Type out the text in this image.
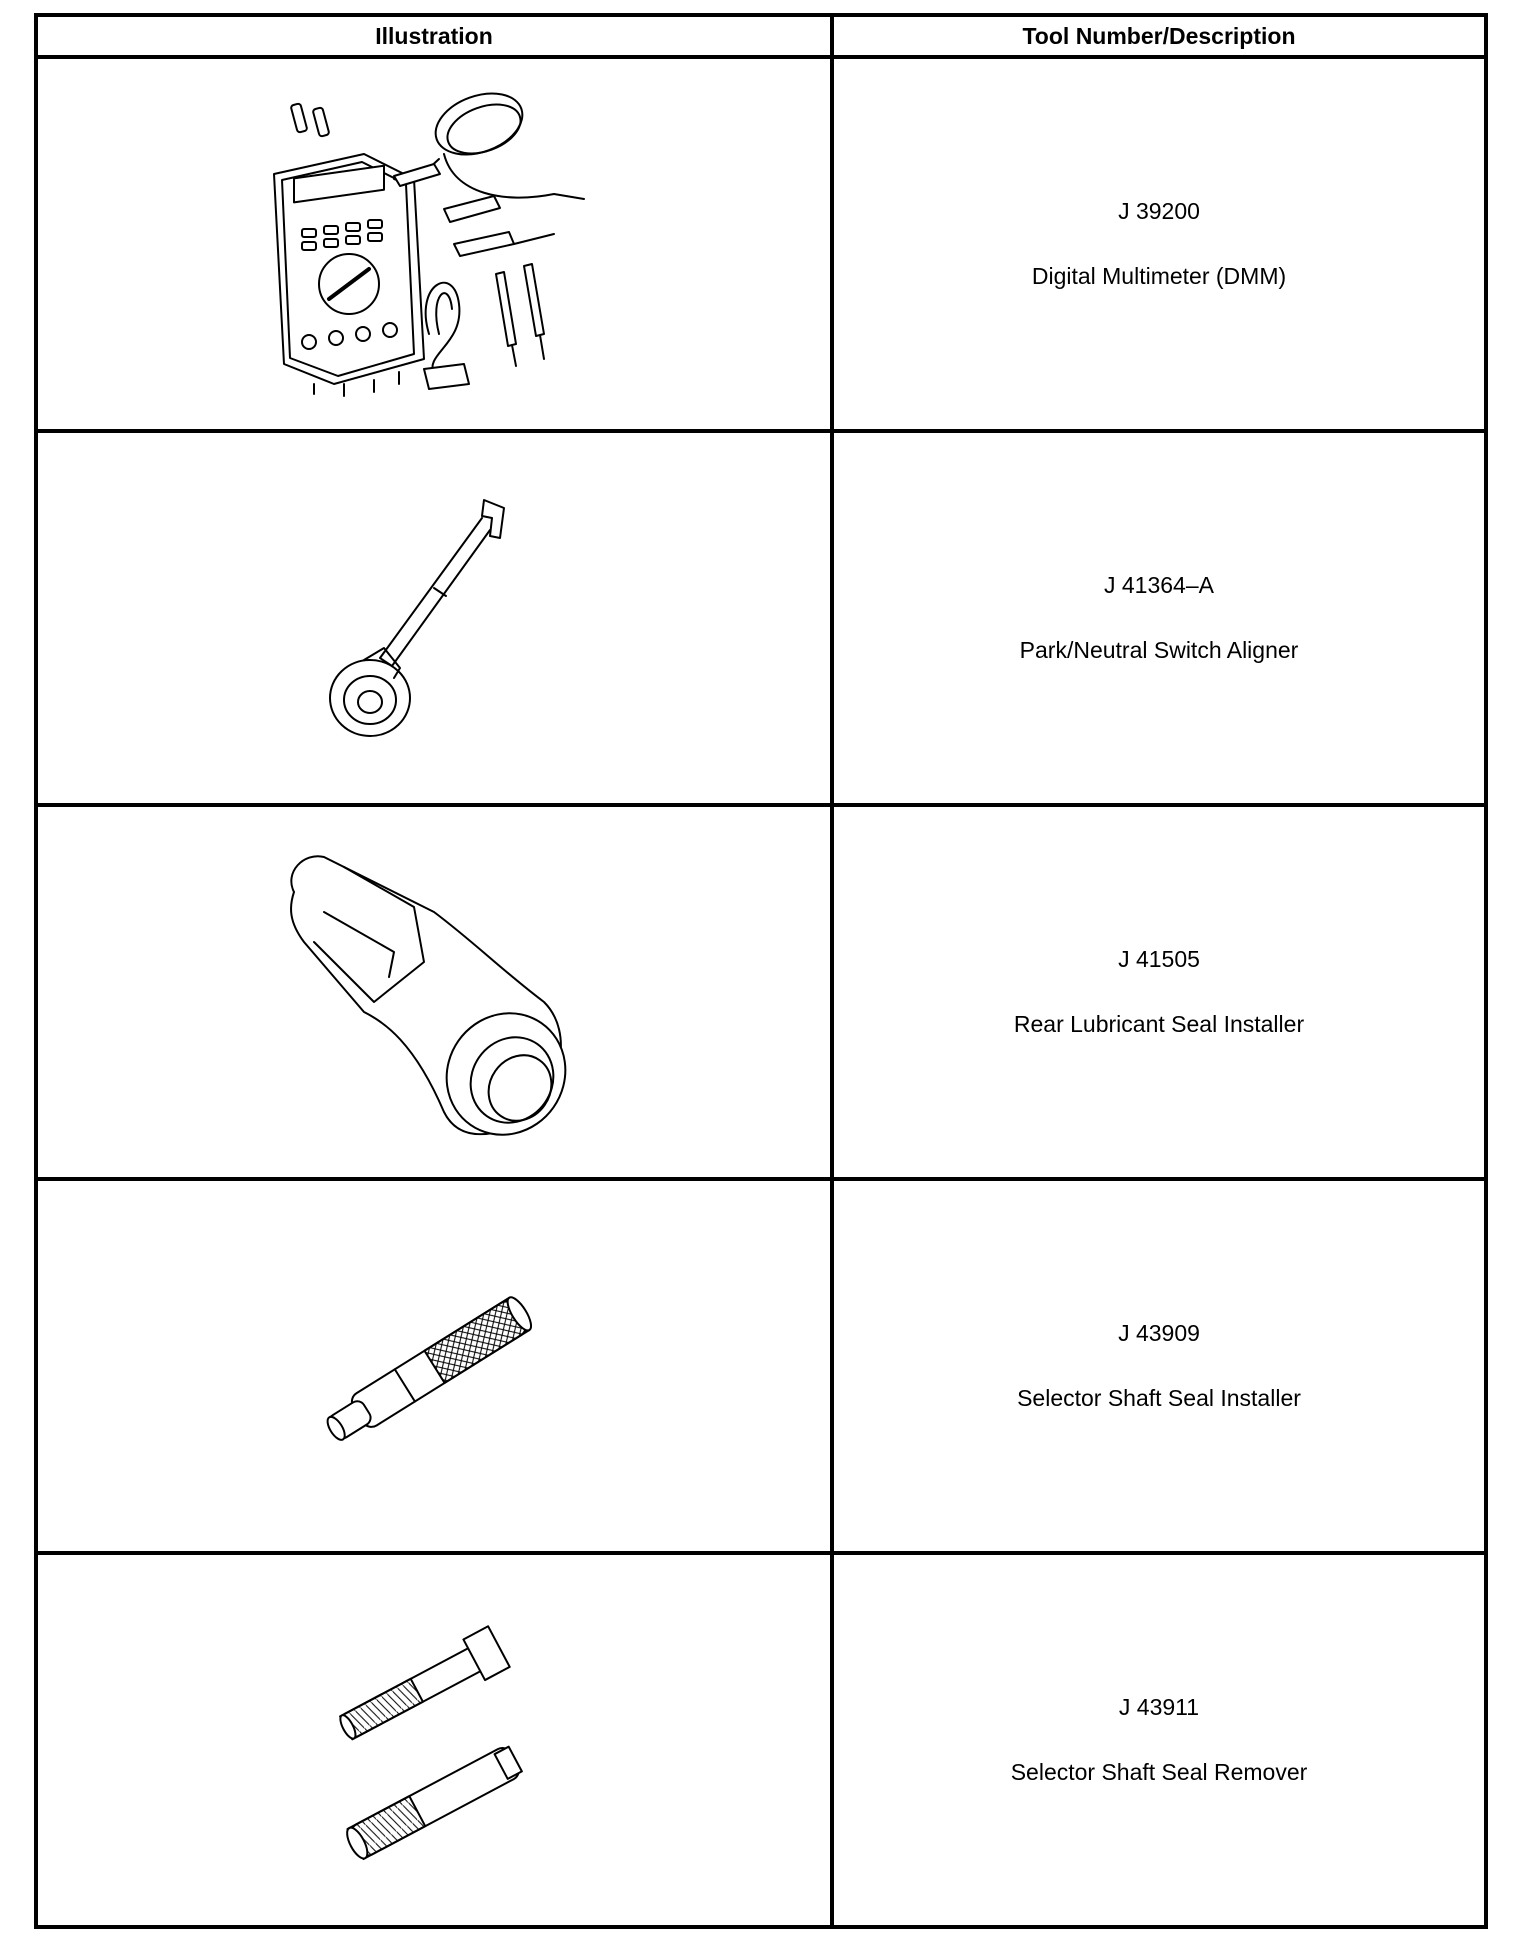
Illustration	Tool Number/Description

J 39200
Digital Multimeter (DMM)

J 41364–A
Park/Neutral Switch Aligner

J 41505
Rear Lubricant Seal Installer

J 43909
Selector Shaft Seal Installer

J 43911
Selector Shaft Seal Remover
